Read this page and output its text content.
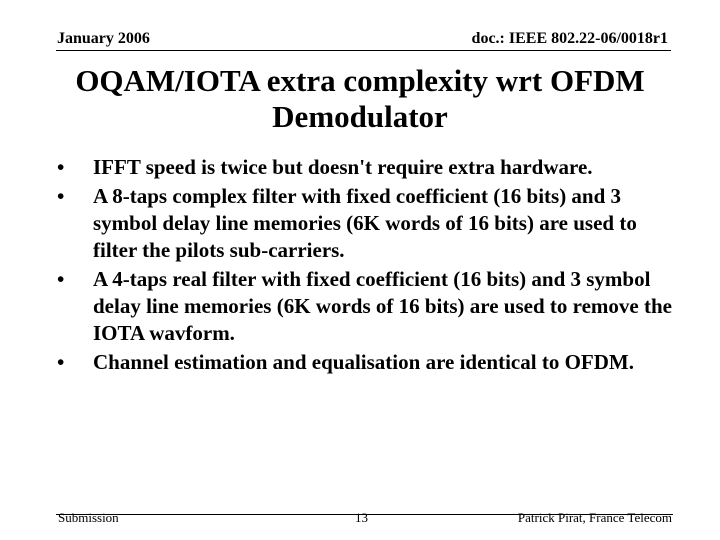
January 2006	doc.: IEEE 802.22-06/0018r1
OQAM/IOTA extra complexity wrt OFDM Demodulator
• IFFT speed is twice but doesn't require extra hardware.
• A 8-taps complex filter with fixed coefficient (16 bits) and 3 symbol delay line memories (6K words of 16 bits) are used to filter the pilots sub-carriers.
• A 4-taps real filter with fixed coefficient (16 bits) and 3 symbol delay line memories (6K words of 16 bits) are used to remove the IOTA wavform.
• Channel estimation and equalisation are identical to OFDM.
Submission	13	Patrick Pirat, France Telecom
